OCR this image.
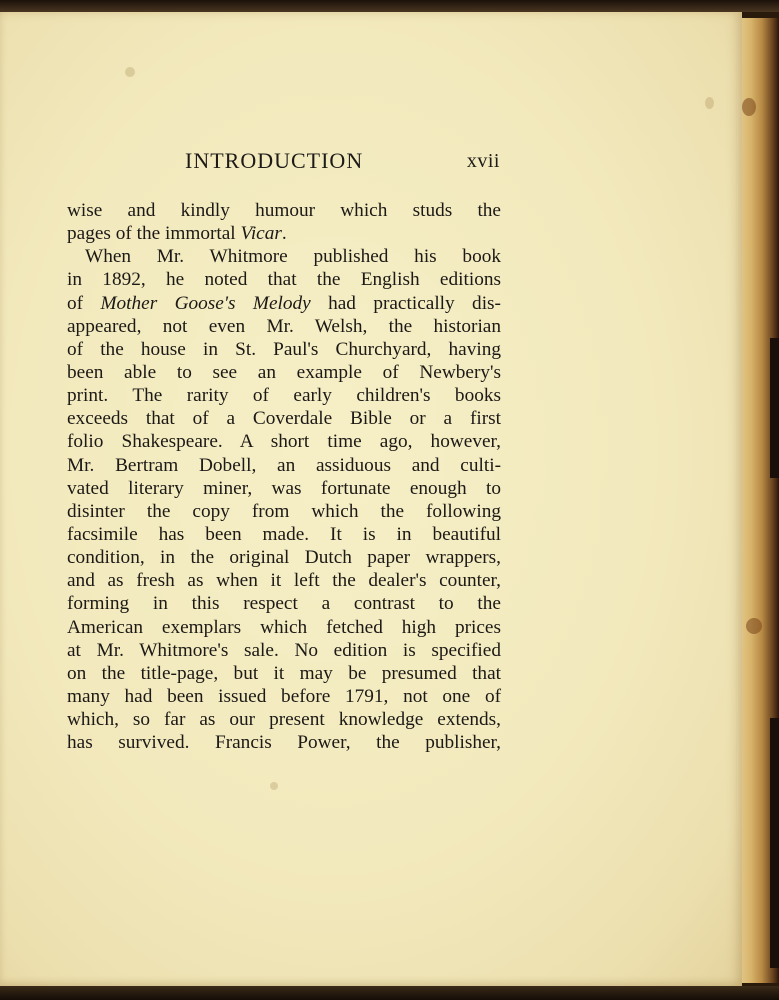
INTRODUCTION	xvii
wise and kindly humour which studs the
pages of the immortal Vicar.
When Mr. Whitmore published his book
in 1892, he noted that the English editions
of Mother Goose's Melody had practically dis-
appeared, not even Mr. Welsh, the historian
of the house in St. Paul's Churchyard, having
been able to see an example of Newbery's
print. The rarity of early children's books
exceeds that of a Coverdale Bible or a first
folio Shakespeare. A short time ago, however,
Mr. Bertram Dobell, an assiduous and culti-
vated literary miner, was fortunate enough to
disinter the copy from which the following
facsimile has been made. It is in beautiful
condition, in the original Dutch paper wrappers,
and as fresh as when it left the dealer's counter,
forming in this respect a contrast to the
American exemplars which fetched high prices
at Mr. Whitmore's sale. No edition is specified
on the title-page, but it may be presumed that
many had been issued before 1791, not one of
which, so far as our present knowledge extends,
has survived. Francis Power, the publisher,
